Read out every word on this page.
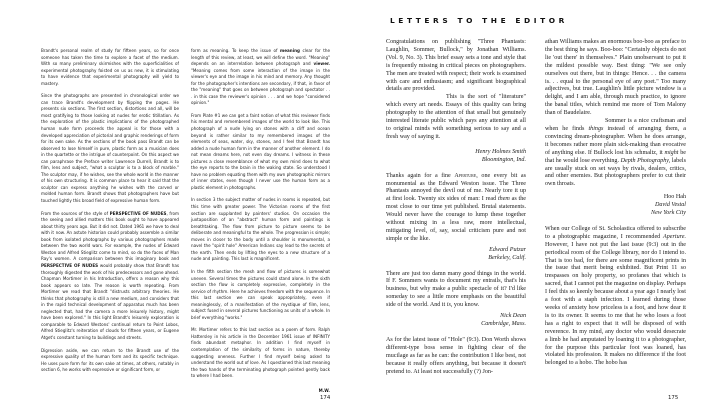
Brandt's personal realm of study for fifteen years, so for once someone has taken the time to explore a facet of the medium. With so many preliminary skirmishes with the superficialities of experimental photography foisted on us as new, it is stimulating to have evidence that experimental photography will yield to mastery.

Since the photographs are presented in chronological order we can trace Brandt's development by flipping the pages. He presents six sections. The first section, distortions and all, will be most gratifying to those looking at nudes for erotic titillation. As the exploration of the plastic implications of the photographed human nude form proceeds the appeal is for those with a developed appreciation of pictorial and graphic renderings of form for its own sake. As the sections of the book pass Brandt can be observed to lose himself in pure, plastic form as a musician does in the quartette or the intrigue of counterpoint. On this aspect we can paraphrase the Preface writer Lawrence Durrell, Brandt is to film, lens and subject, "what a sculptor is to a block of marble." The sculptor may, if he wishes, see the whole world in the manner of his own structuring. It is common place to hear it said that the sculptor can express anything he wishes with the carved or molded human form. Brandt shows that photographers have but touched lightly this broad field of expressive human form.

From the sources of the style of PERSPECTIVE OF NUDES, from the seeing and allied matters this book ought to have appeared about thirty years ago. But it did not. Dated 1961 we have to deal with it now. An astute historian could probably assemble a similar book from isolated photographs by various photographers made between the two world wars. For example, the nudes of Edward Weston and Alfred Stieglitz come to mind, so do the faces of Man Ray's women. A comparison between this imaginary book and PERSPECTIVE OF NUDES would probably show that Brandt has thoroughly digested the work of his predecessors and gone ahead. Chapman Mortimer in his Introduction, offers a reason why this book appears so late. The reason is worth repeating. From Mortimer we read that Brandt "distrusts arbitrary theories. He thinks that photography is still a new medium, and considers that in the rapid technical development of apparatus much has been neglected that, had the camera a more leisurely history, might have been explored." In this light Brandt's leisurely exploration is comparable to Edward Westons' continual return to Point Lobos, Alfred Stieglitz's reiteration of clouds for fifteen years, or Eugene Atget's constant turning to buildings and streets.

Digression aside, we can return to the Brandt use of the expressive quality of the human form and its specific technique. He uses pure form for its own sake at times, at others, notably in section 6, he works with expressive or significant form, or

form as meaning. To keep the issue of meaning clear for the length of this review, at least, we will define the word. "Meaning" depends on an interrelation between photograph and viewer. "Meaning comes from some interaction of the image in the viewer's eye and the image in his mind and memory. Any thought for the photographer's intentions are secondary, if that, in favor of the "meaning" that goes on between photograph and spectator . . . in this case the reviewer's opinion . . . and we hope "considered opinion."

From Plate #1 we can get a faint notion of what this reviewer finds his mental and remembered images of the world to look like. This photograph of a nude lying on stones with a cliff and ocean beyond is rather similar to my remembered images of the elements of seas, water, sky, stones, and I feel that Brandt has added a nude human form in the manner of another element. I do not mean dreams here, not even day dreams. I witness in these pictures a close resemblance of what my own mind does to what the eye reports to the brain in the waking state. So understood I have no problem equating them with my own photographic mirrors of inner states, even though I never use the human form as a plastic element in photographs.

In section 3 the subject matter of nudes in rooms is repeated, but this time with greater power. The Victorian rooms of the first section are supplanted by painters' studios. On occasion the juxtaposition of an "abstract" human form and paintings is breathtaking. The flow from picture to picture seems to be deliberate and meaningful to the whole. The progression is simple; moves in closer to the body until a shoulder is monumental, a navel the "spirit hole" American Indians say lead to the secrets of the earth. Then ends by lifting the eyes to a new structure of a nude and painting. This last is magnificent.

In the fifth section the mesh and flow of pictures is somewhat uneven. Several times the pictures could stand alone. In the sixth section the flow is completely expressive, completely in the service of rhythm. Here he achieves freedom with the sequence. In this last section we can speak appropriately, even if meaninglessly, of a manifestation of the mystique of film, lens, subject fused in several pictures functioning as units of a whole. In brief everything "works."

Mr. Mortimer refers to this last section as a poem of form. Ralph Hattersley in his article in the December 1961 issue of INFINITY finds abundant metaphor. In addition I find myself in contemplation of the similarity of forms in nature, thereby suggesting oneness. Further I find myself being asked to understand the world out of love. As I questioned this last meaning the two hands of the terminating photograph pointed gently back to where I had been.

M.W.
174
LETTERS TO THE EDITOR

Congratulations on publishing "Three Phantasts: Laughlin, Sommer, Bullock," by Jonathan Williams. (Vol. 9, No. 3). This brief essay sets a tone and style that is frequently missing in critical pieces on photographers. The men are treated with respect; their work is examined with care and enthusiasm; and significant biographical details are provided.

This is the sort of "literature" which every art needs. Essays of this quality can bring photography to the attention of that small but genuinely interested literate public which pays any attention at all to original minds with something serious to say and a fresh way of saying it.

Henry Holmes Smith

Bloomington, Ind.

Thanks again for a fine Aperture, one every bit as monumental as the Edward Weston issue. The Three Phantasts annoyed the devil out of me. Nearly tore it up at first look. Twenty six sides of man: I read them as the most close to our time yet published. Brutal statements. Would never have the courage to lump these together without mixing in a less raw, more intellectual, mitigating level, of, say, social criticism pure and not simple or the like.

Edward Putzar

Berkeley, Calif.

There are just too damn many good things in the world. If F. Sommers wants to document my entrails, that's his business, but why make a public spectacle of it? I'd like someday to see a little more emphasis on the beautiful side of the world. And it is, you know.

Nick Dean

Cambridge, Mass.

As for the latest issue of "Hole" (9:3). Don Worth shows different-type boss sense in fighting clear of the mucilage as far as he can: the contribution I like best, not because it really offers anything, but because it doesn't pretend to. At least not successfully (?) Jon-

athan Williams makes an enormous boo-boo as preface to the best thing he says. Boo-boo: "Certainly objects do not lie 'out there' in themselves." Plain unobservant to put it the mildest possible way. Best thing: "We see only ourselves out there, but in things: Hence. . . the camera is. . . equal to the personal eye of any poet." Too many adjectives, but true. Laughlin's little picture window is a delight, and I am able, through much practice, to ignore the banal titles, which remind me more of Tom Malony than of Baudelaire.

Sommer is a nice craftsman and when he finds things instead of arranging them, a convincing dream-photographer. When he does arrange, it becomes rather more plain sick-making than evocative of anything else. If Bullock lost his schmaltz, it might be that he would lose everything. Depth Photography, labels are usually stuck on set ways by rivals, dealers, critics, and other enemies. But photographers prefer to cut their own throats.

Hoo Hah

David Vestal

New York City

When our College of St. Scholastica offered to subscribe to a photographic magazine, I recommended Aperture. However, I have not put the last issue (9:3) out in the periodical room of the College library, nor do I intend to. That is too bad, for there are some magnificent prints in the issue that merit being exhibited. But Print 11 so trespasses on holy property, so profanes that which is sacred, that I cannot put the magazine on display. Perhaps I feel this so keenly because about a year ago I nearly lost a foot with a staph infection. I learned during those weeks of anxiety how priceless is a foot, and how dear it is to its owner. It seems to me that he who loses a foot has a right to expect that it will be disposed of with reverence. In my mind, any doctor who would desecrate a limb he had amputated by loaning it to a photographer, for the purpose this particular foot was loaned, has violated his profession. It makes no difference if the foot belonged to a hobo. The hobo has

175
